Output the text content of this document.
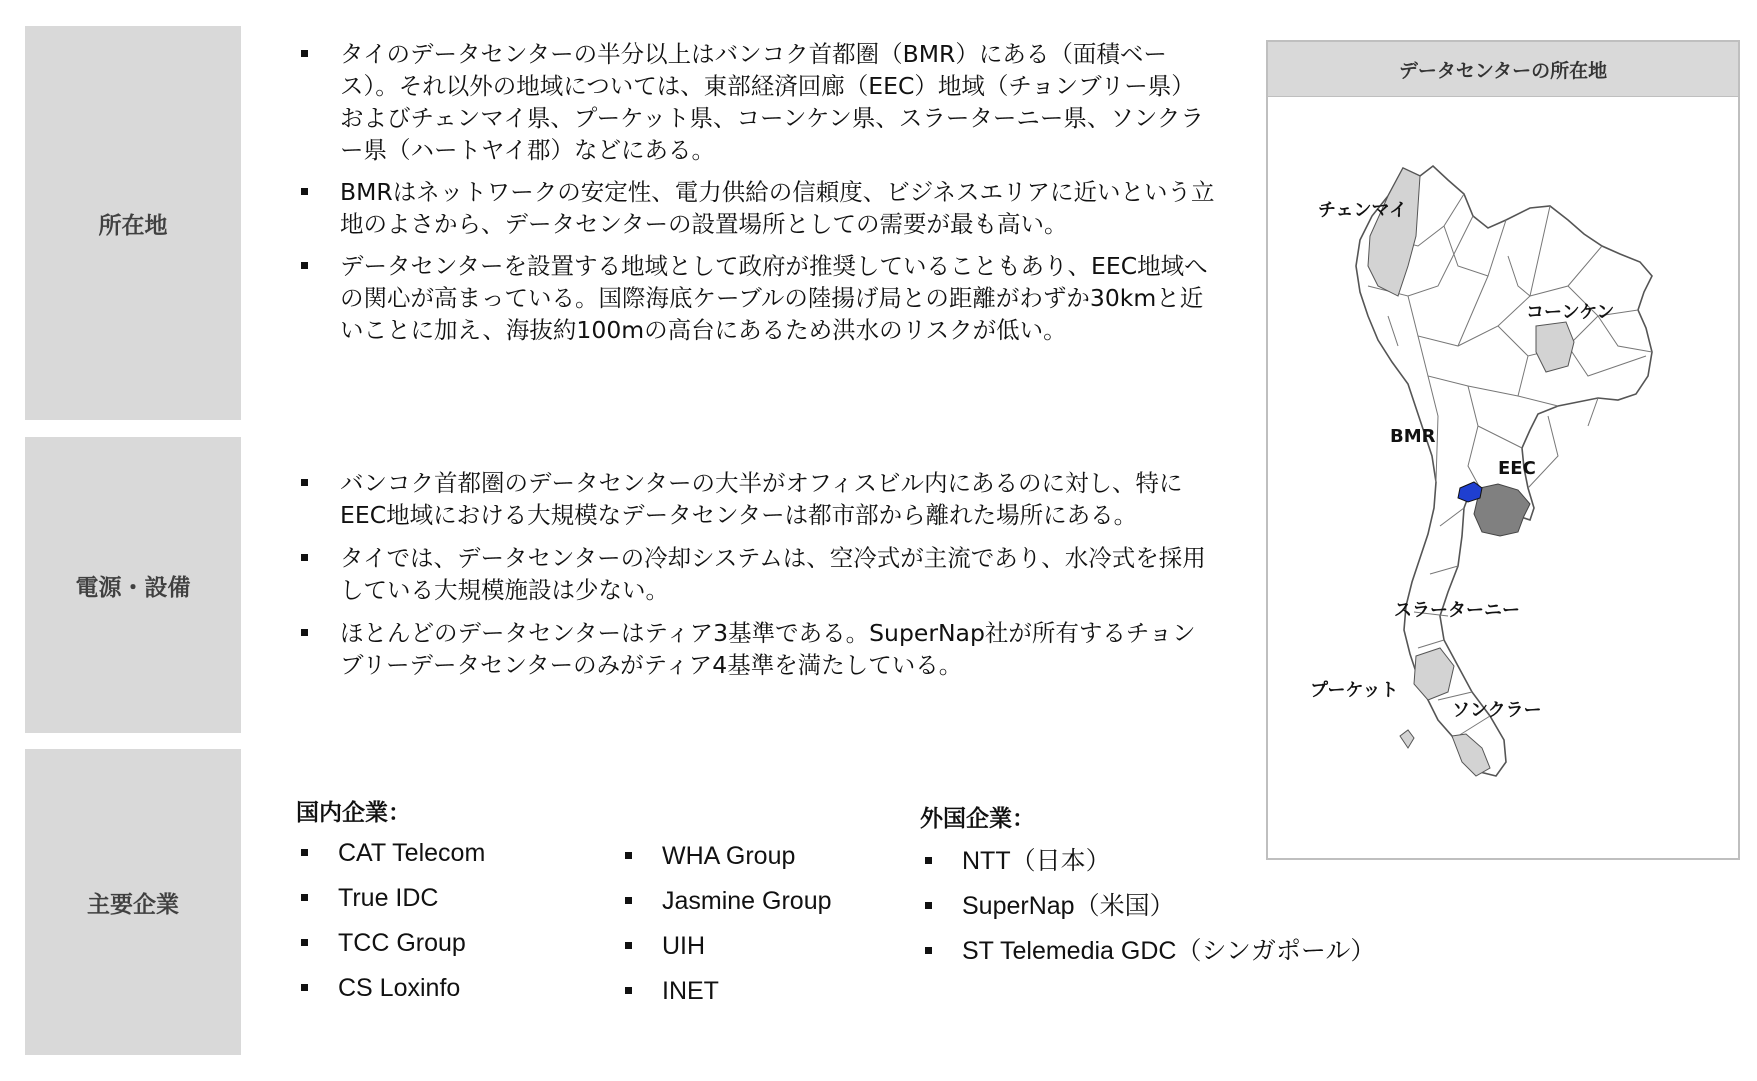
所在地
電源・設備
主要企業
タイのデータセンターの半分以上はバンコク首都圏（BMR）にある（面積ベース）。それ以外の地域については、東部経済回廊（EEC）地域（チョンブリー県）およびチェンマイ県、プーケット県、コーンケン県、スラーターニー県、ソンクラー県（ハートヤイ郡）などにある。
BMRはネットワークの安定性、電力供給の信頼度、ビジネスエリアに近いという立地のよさから、データセンターの設置場所としての需要が最も高い。
データセンターを設置する地域として政府が推奨していることもあり、EEC地域への関心が高まっている。国際海底ケーブルの陸揚げ局との距離がわずか30kmと近いことに加え、海抜約100mの高台にあるため洪水のリスクが低い。
バンコク首都圏のデータセンターの大半がオフィスビル内にあるのに対し、特にEEC地域における大規模なデータセンターは都市部から離れた場所にある。
タイでは、データセンターの冷却システムは、空冷式が主流であり、水冷式を採用している大規模施設は少ない。
ほとんどのデータセンターはティア3基準である。SuperNap社が所有するチョンブリーデータセンターのみがティア4基準を満たしている。
国内企業：
CAT Telecom
True IDC
TCC Group
CS Loxinfo
WHA Group
Jasmine Group
UIH
INET
外国企業：
NTT（日本）
SuperNap（米国）
ST Telemedia GDC（シンガポール）
データセンターの所在地
チェンマイ
コーンケン
BMR
EEC
スラーターニー
プーケット
ソンクラー
